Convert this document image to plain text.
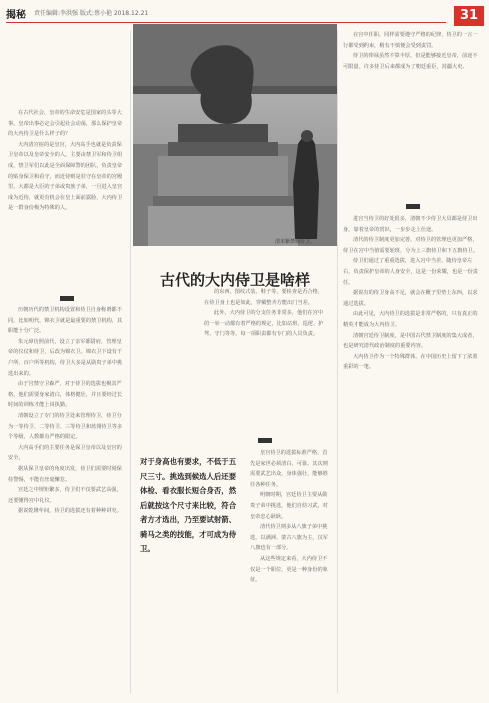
揭秘 责任编辑:李洪强 版式:蔡小艳 2018.12.21	31

在古代社会，皇帝的生命安危是国家的头等大事。皇帝出事必定会引起社会动荡，那么保护皇帝的大内侍卫是什么样子的？

大内清宫宿的是皇宫，大内高手也就是负责保卫皇帝以及皇帝安全的人。主要由禁卫军和侍卫组成，禁卫军们以此是全面保障警的团队，负责皇帝的贴身保卫和看守，而近侍则是驻守在皇帝的宫殿里。大都是大臣的子弟或贵族子弟，一旦进入皇宫成为近侍，就更有机会在皇上面前露脸，大内侍卫是一群身份极为特殊的人。

历朝历代的禁卫机构设置和侍卫自身称谓都不同。比如明代，锦衣卫就是最重要的禁卫机构，其职能十分广泛。

朱元璋仿照前代，设立了亲军都尉府，管理皇帝的仪仗和侍卫，后改为锦衣卫。锦衣卫下设有千户所、百户所等机构，侍卫大多是从勋贵子弟中挑选出来的。

由于宫禁守卫森严，对于侍卫的选拔也极其严格。他们需要身家清白，体格健壮，并且要经过长时间的训练才能上岗执勤。

清朝设立了专门的侍卫处来管理侍卫，侍卫分为一等侍卫、二等侍卫、三等侍卫和蓝翎侍卫等多个等级，人数都有严格的限定。

大内高手们的主要任务是保卫皇帝以及皇宫的安全。

据从保卫皇帝的角度出发，侍卫们需要时刻保持警惕，不能有丝毫懈怠。

宫廷之中规矩繁多，侍卫们不仅要武艺高强，还要懂得宫中礼仪。

据说乾隆年间，侍卫的选拔还有着种种讲究。

清末紫禁城侍卫。
古代的大内侍卫是啥样

的东西，图纹式装、鞋子等，要检查是否合格，在侍卫身上也是如此，穿戴整齐方能出门当差。

此外，大内侍卫的分支任务非常多，他们在宫中的一举一动都有着严格的规定，比如站班、巡逻、护驾、守门等等，每一项职责都有专门的人员负责。

皇宫侍卫的选拔标准严格，首先是家世必须清白，可靠。其次则需要武艺出众，身体强壮，能够胜任各种任务。

明朝时期，宫廷侍卫主要从勋贵子弟中挑选，他们自幼习武，对皇帝忠心耿耿。

清代侍卫则多从八旗子弟中挑选，以满洲、蒙古八旗为主，汉军八旗也有一部分。

从这些规定来看，大内侍卫不仅是一个职位，更是一种身份的象征。

对于身高也有要求，不低于五尺三寸。挑选到候选人后还要体检、看衣服长短合身否，然后就按这个尺寸来比较，符合者方才选出，乃至要试射箭、骑马之类的技能，才可成为侍卫。

在宫中任职，同样需要遵守严格的纪律，侍卫的一言一行都受到约束，稍有不慎便会受到责罚。

侍卫的俸禄虽然不算丰厚，但是能够接近皇帝，前途不可限量。许多侍卫后来都成为了朝廷重臣，封疆大吏。

进宫当侍卫的好处很多，清朝不少侍卫大员都是侍卫出身，靠着皇帝的赏识，一步步走上仕途。

清代的侍卫制度更加完善，对侍卫的管理也更加严格，侍卫在宫中当值需要轮班，分为上三旗侍卫和下五旗侍卫。

侍卫们通过了重重选拔，进入宫中当差，随侍皇帝左右，负责保护皇帝的人身安全，这是一份荣耀，也是一份责任。

据说有的侍卫身高不足，就会在靴子里垫上东西，以求通过选拔。

由此可见，大内侍卫的选拔是非常严格的，只有真正的精英才能成为大内侍卫。

清朝宫廷侍卫制度，是中国古代禁卫制度的集大成者，也是研究清代政治制度的重要内容。

大内侍卫作为一个特殊群体，在中国历史上留下了浓墨重彩的一笔。
